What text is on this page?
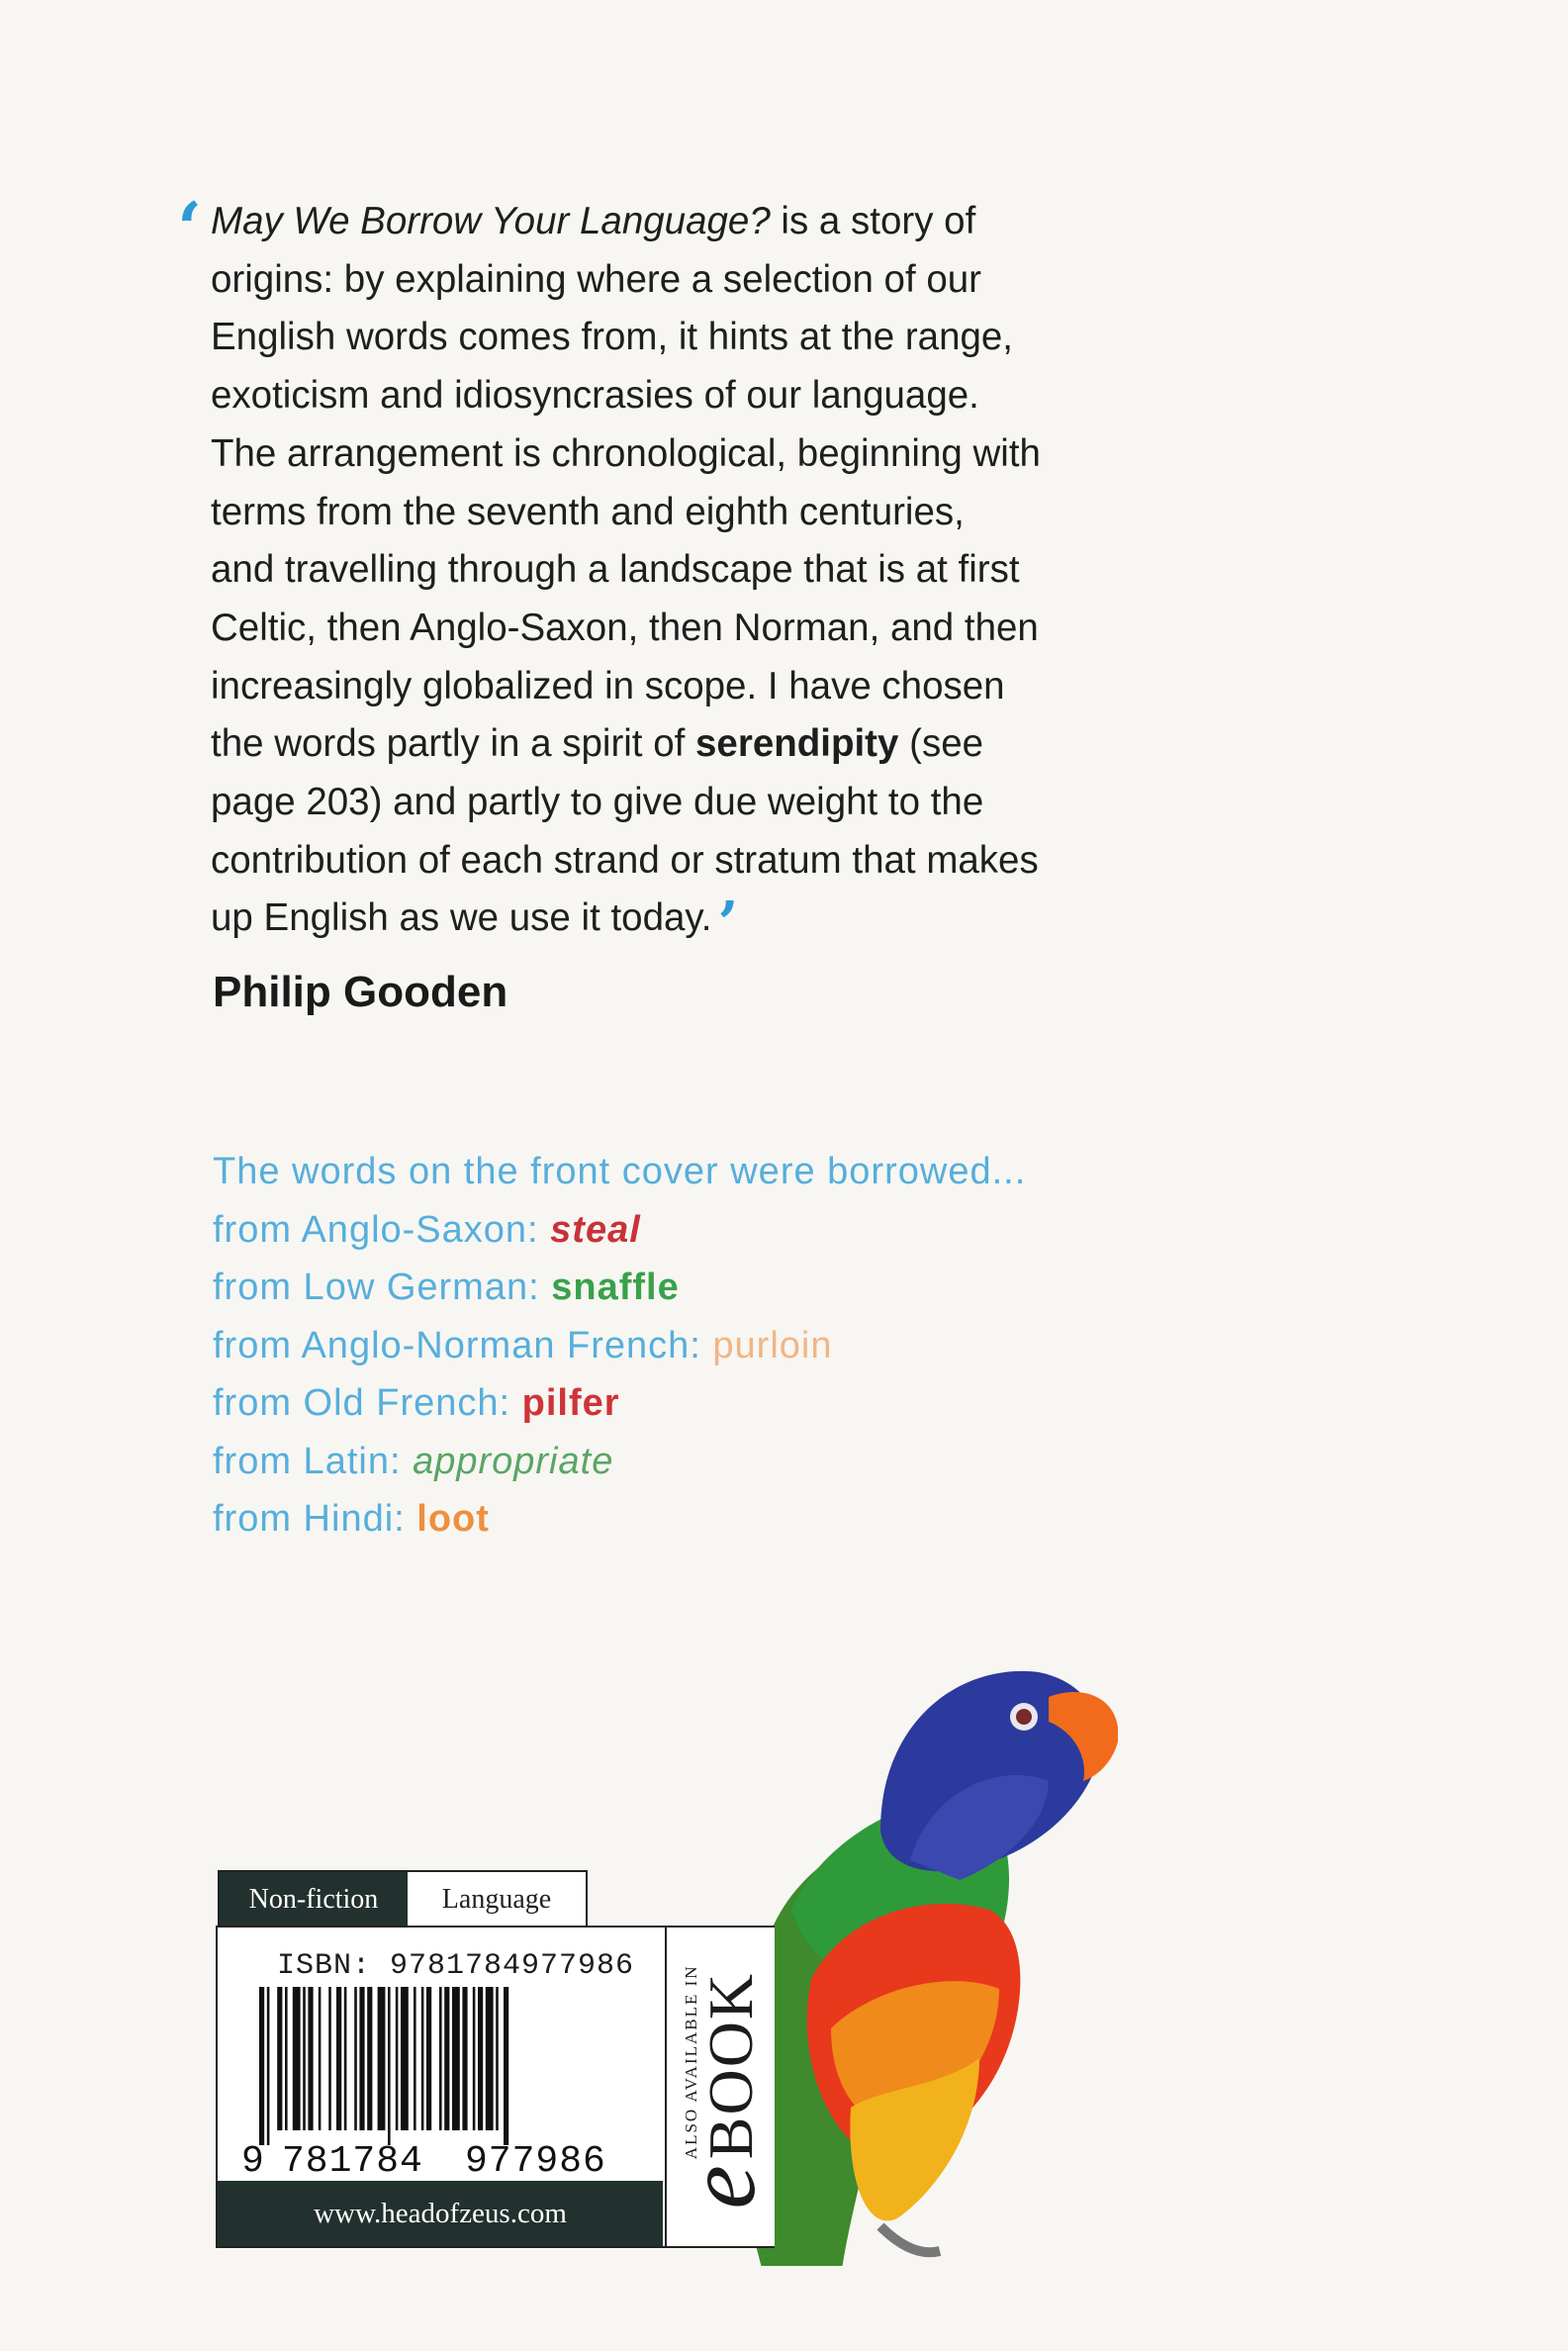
‘ May We Borrow Your Language? is a story of
origins: by explaining where a selection of our
English words comes from, it hints at the range,
exoticism and idiosyncrasies of our language.
The arrangement is chronological, beginning with
terms from the seventh and eighth centuries,
and travelling through a landscape that is at first
Celtic, then Anglo-Saxon, then Norman, and then
increasingly globalized in scope. I have chosen
the words partly in a spirit of serendipity (see
page 203) and partly to give due weight to the
contribution of each strand or stratum that makes
up English as we use it today. ’
Philip Gooden
The words on the front cover were borrowed...
from Anglo-Saxon: steal
from Low German: snaffle
from Anglo-Norman French: purloin
from Old French: pilfer
from Latin: appropriate
from Hindi: loot
Non-fiction	Language
ISBN: 9781784977986
9 781784 977986
www.headofzeus.com
e
ALSO AVAILABLE IN
BOOK
